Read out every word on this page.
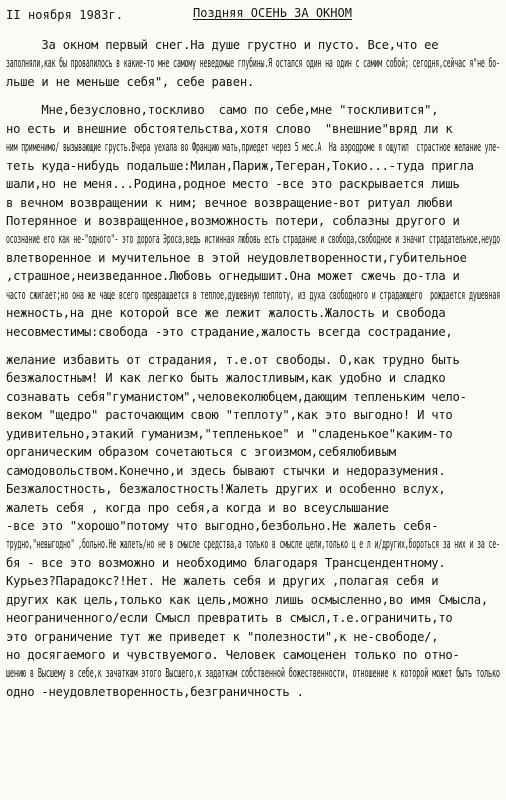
II ноября 1983г.	Поздняя ОСЕНЬ ЗА ОКНОМ
За окном первый снег.На душе грустно и пусто. Все,что ее
заполняли,как бы провалилось в какие-то мне самому неведомые глубины.Я остался один на один с самим собой; сегодня,сейчас я"не бо-
льше и не меньше себя", себе равен.
Мне,безусловно,тоскливо  само по себе,мне "тоскливится",
но есть и внешние обстоятельства,хотя слово  "внешние"вряд ли к
ним применимо/ вызывающие грусть.Вчера уехала во Францию мать,приедет через 5 мес.А  На аэродроме я ощутил  страстное желание уле-
теть куда-нибудь подальше:Милан,Париж,Тегеран,Токио...-туда пригла
шали,но не меня...Родина,родное место -все это раскрывается лишь
в вечном возвращении к ним; вечное возвращение-вот ритуал любви
Потерянное и возвращенное,возможность потери, соблазны другого и
осознание его как не-"одного"- это дорога Эроса,ведь истинная любовь есть страдание и свобода,свободное и значит страдательное,неудо
влетворенное и мучительное в этой неудовлетворенности,губительное
,страшное,неизведанное.Любовь огнедышит.Она может сжечь до-тла и
часто сжигает;но она же чаще всего превращается в теплое,душевную теплоту, из духа свободного и страдающего  рождается душевная
нежность,на дне которой все же лежит жалость.Жалость и свобода
несовместимы:свобода -это страдание,жалость всегда сострадание,
желание избавить от страдания, т.е.от свободы. О,как трудно быть
безжалостным! И как легко быть жалостливым,как удобно и сладко
сознавать себя"гуманистом",человеколюбцем,дающим тепленьким чело-
веком "щедро" расточающим свою "теплоту",как это выгодно! И что
удивительно,этакий гуманизм,"тепленькое" и "сладенькое"каким-то
органическим образом сочетаються с эгоизмом,себялюбивым
самодовольством.Конечно,и здесь бывают стычки и недоразумения.
Безжалостность, безжалостность!Жалеть других и особенно вслух,
жалеть себя , когда про себя,а когда и во всеуслышание
-все это "хорошо"потому что выгодно,безбольно.Не жалеть себя-
трудно,"невыгодно" ,больно.Не жалеть/но не в смысле средства,а только в смысле цели,только ц е л и/других,бороться за них и за се-
бя - все это возможно и необходимо благодаря Трансцендентному.
Курьез?Парадокс?!Нет. Не жалеть себя и других ,полагая себя и
других как цель,только как цель,можно лишь осмысленно,во имя Смысла,
неограниченного/если Смысл превратить в смысл,т.е.ограничить,то
это ограничение тут же приведет к "полезности",к не-свободе/,
но досягаемого и чувствуемого. Человек самоценен только по отно-
шению в Высшему в себе,к зачаткам этого Высшего,к задаткам собственной божественности, отношение к которой может быть только
одно -неудовлетворенность,безграничность .
